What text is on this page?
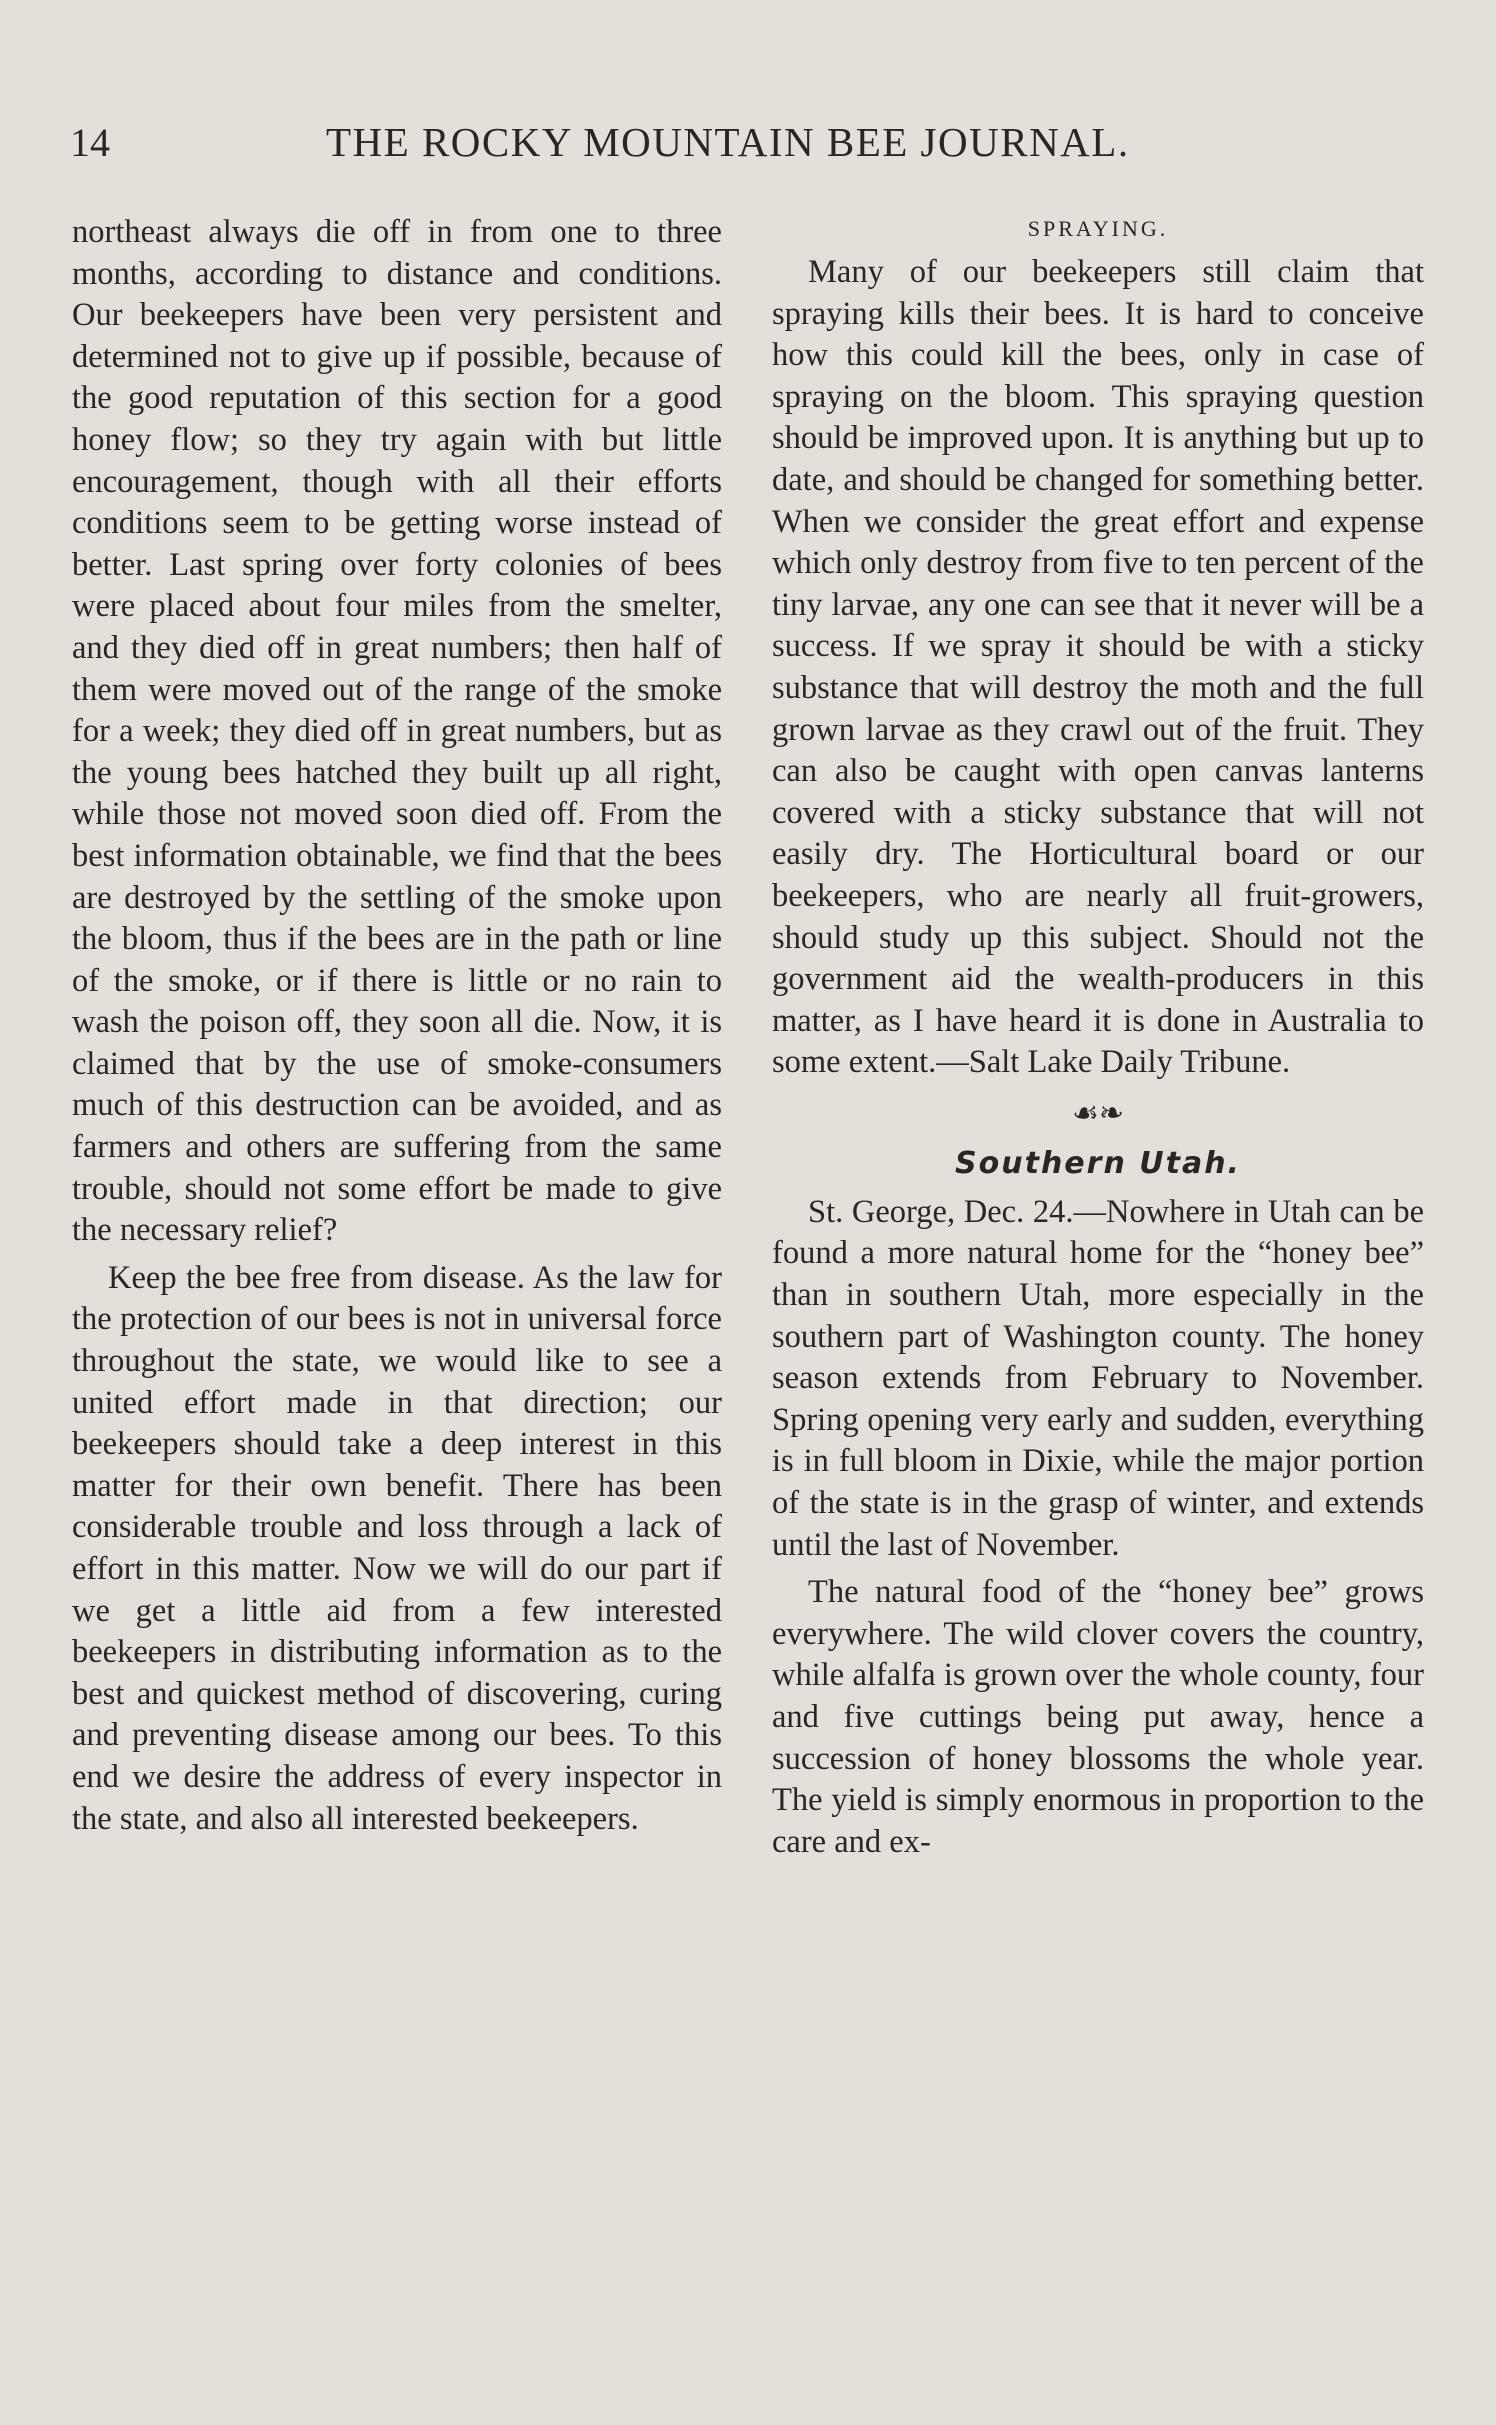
14	THE ROCKY MOUNTAIN BEE JOURNAL.

northeast always die off in from one to three months, according to distance and conditions. Our beekeepers have been very persistent and determined not to give up if possible, because of the good reputation of this section for a good honey flow; so they try again with but little encouragement, though with all their efforts conditions seem to be getting worse instead of better. Last spring over forty colonies of bees were placed about four miles from the smelter, and they died off in great numbers; then half of them were moved out of the range of the smoke for a week; they died off in great numbers, but as the young bees hatched they built up all right, while those not moved soon died off. From the best information obtainable, we find that the bees are destroyed by the settling of the smoke upon the bloom, thus if the bees are in the path or line of the smoke, or if there is little or no rain to wash the poison off, they soon all die. Now, it is claimed that by the use of smoke-consumers much of this destruction can be avoided, and as farmers and others are suffering from the same trouble, should not some effort be made to give the necessary relief?

Keep the bee free from disease. As the law for the protection of our bees is not in universal force throughout the state, we would like to see a united effort made in that direction; our beekeepers should take a deep interest in this matter for their own benefit. There has been considerable trouble and loss through a lack of effort in this matter. Now we will do our part if we get a little aid from a few interested beekeepers in distributing information as to the best and quickest method of discovering, curing and preventing disease among our bees. To this end we desire the address of every inspector in the state, and also all interested beekeepers.

SPRAYING.

Many of our beekeepers still claim that spraying kills their bees. It is hard to conceive how this could kill the bees, only in case of spraying on the bloom. This spraying question should be improved upon. It is anything but up to date, and should be changed for something better. When we consider the great effort and expense which only destroy from five to ten percent of the tiny larvae, any one can see that it never will be a success. If we spray it should be with a sticky substance that will destroy the moth and the full grown larvae as they crawl out of the fruit. They can also be caught with open canvas lanterns covered with a sticky substance that will not easily dry. The Horticultural board or our beekeepers, who are nearly all fruit-growers, should study up this subject. Should not the government aid the wealth-producers in this matter, as I have heard it is done in Australia to some extent.—Salt Lake Daily Tribune.

☙❧
Southern Utah.

St. George, Dec. 24.—Nowhere in Utah can be found a more natural home for the “honey bee” than in southern Utah, more especially in the southern part of Washington county. The honey season extends from February to November. Spring opening very early and sudden, everything is in full bloom in Dixie, while the major portion of the state is in the grasp of winter, and extends until the last of November.

The natural food of the “honey bee” grows everywhere. The wild clover covers the country, while alfalfa is grown over the whole county, four and five cuttings being put away, hence a succession of honey blossoms the whole year. The yield is simply enormous in proportion to the care and ex-
